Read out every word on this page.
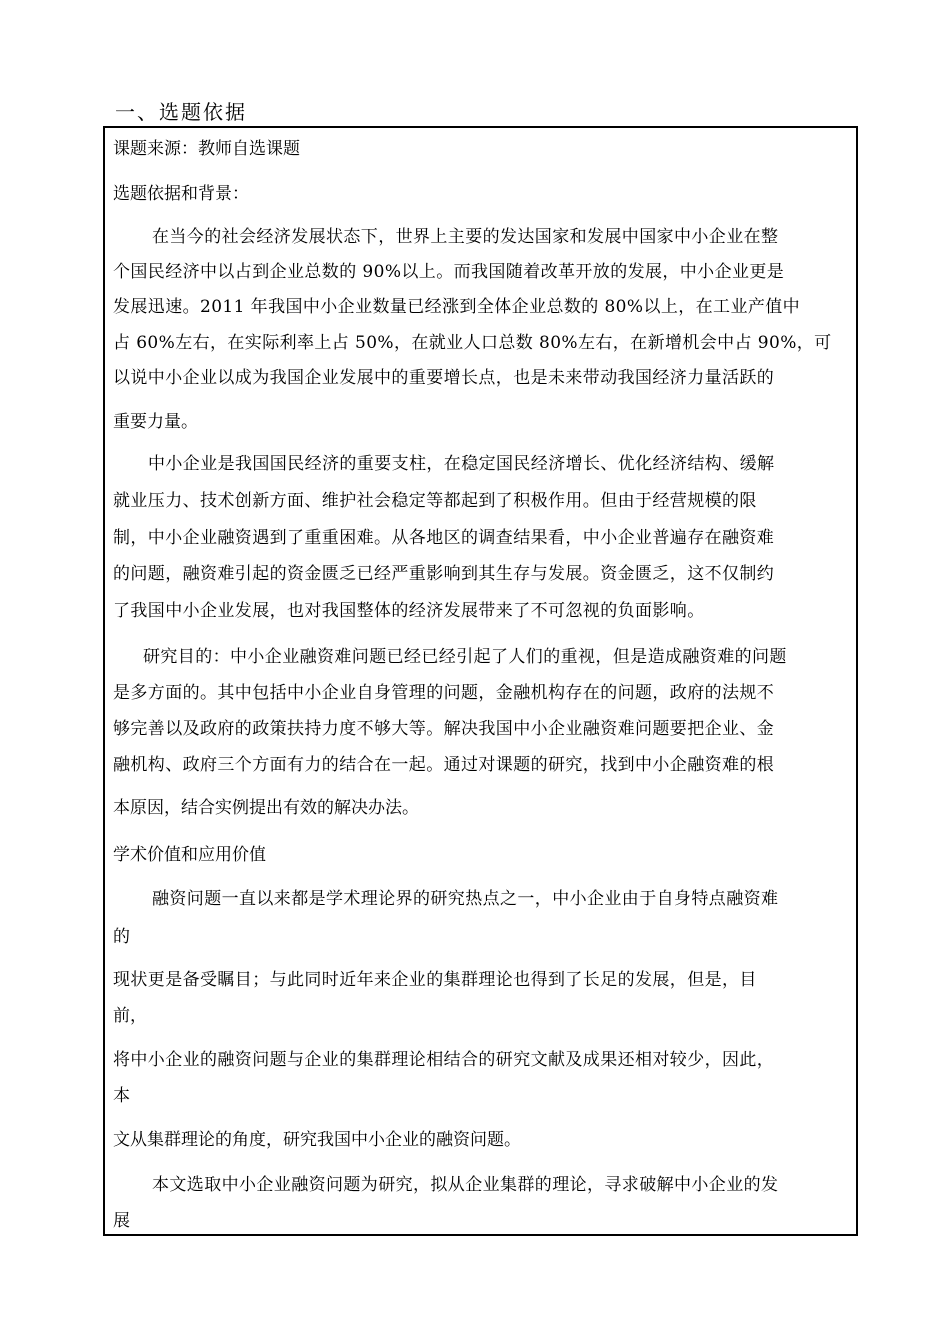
一、选题依据
课题来源：教师自选课题
选题依据和背景：
在当今的社会经济发展状态下，世界上主要的发达国家和发展中国家中小企业在整
个国民经济中以占到企业总数的 90%以上。而我国随着改革开放的发展，中小企业更是
发展迅速。2011 年我国中小企业数量已经涨到全体企业总数的 80%以上，在工业产值中
占 60%左右，在实际利率上占 50%，在就业人口总数 80%左右，在新增机会中占 90%，可
以说中小企业以成为我国企业发展中的重要增长点，也是未来带动我国经济力量活跃的
重要力量。
中小企业是我国国民经济的重要支柱，在稳定国民经济增长、优化经济结构、缓解
就业压力、技术创新方面、维护社会稳定等都起到了积极作用。但由于经营规模的限
制，中小企业融资遇到了重重困难。从各地区的调查结果看，中小企业普遍存在融资难
的问题，融资难引起的资金匮乏已经严重影响到其生存与发展。资金匮乏，这不仅制约
了我国中小企业发展，也对我国整体的经济发展带来了不可忽视的负面影响。
研究目的：中小企业融资难问题已经已经引起了人们的重视，但是造成融资难的问题
是多方面的。其中包括中小企业自身管理的问题，金融机构存在的问题，政府的法规不
够完善以及政府的政策扶持力度不够大等。解决我国中小企业融资难问题要把企业、金
融机构、政府三个方面有力的结合在一起。通过对课题的研究，找到中小企融资难的根
本原因，结合实例提出有效的解决办法。
学术价值和应用价值
融资问题一直以来都是学术理论界的研究热点之一，中小企业由于自身特点融资难
的
现状更是备受瞩目；与此同时近年来企业的集群理论也得到了长足的发展，但是，目
前，
将中小企业的融资问题与企业的集群理论相结合的研究文献及成果还相对较少，因此，
本
文从集群理论的角度，研究我国中小企业的融资问题。
本文选取中小企业融资问题为研究，拟从企业集群的理论，寻求破解中小企业的发
展
